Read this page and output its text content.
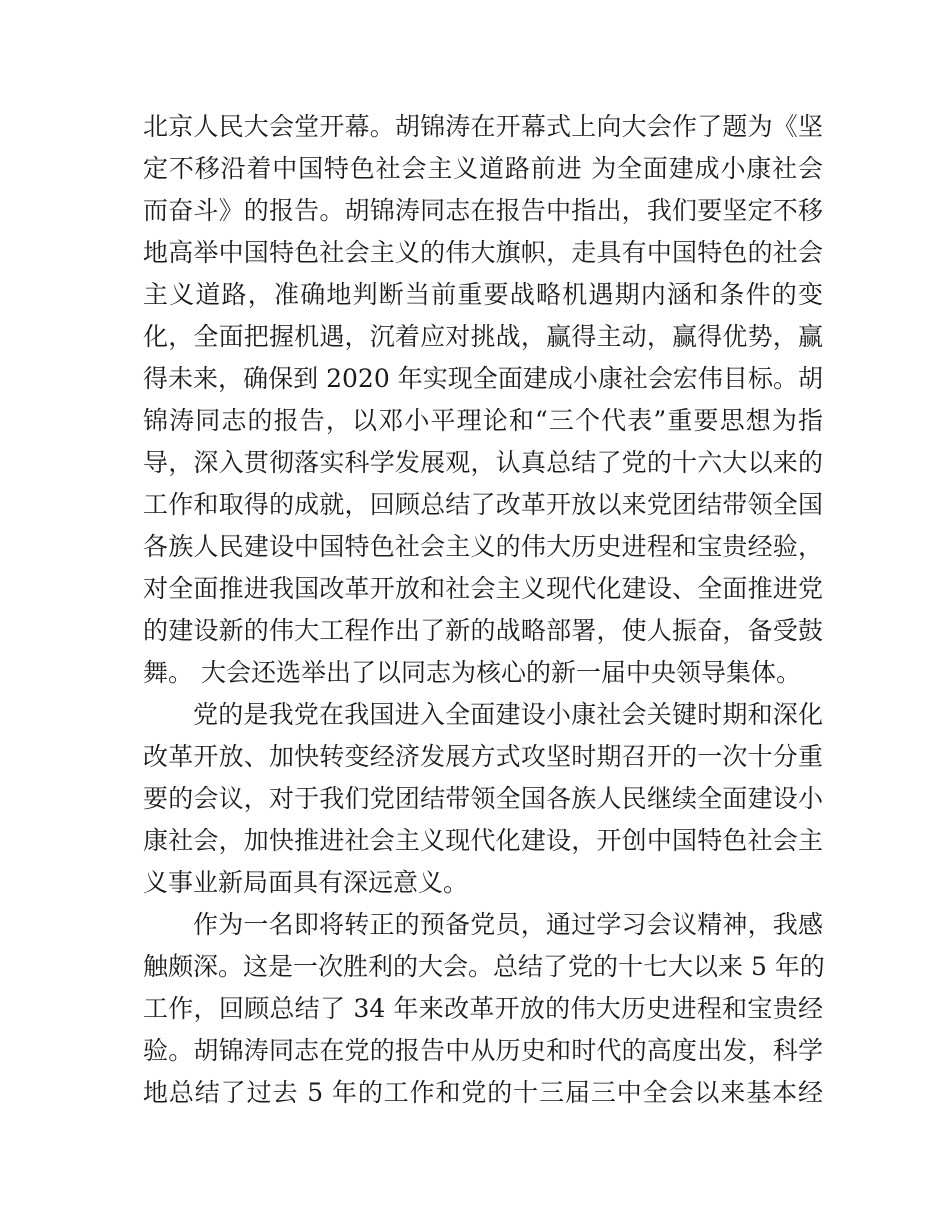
北京人民大会堂开幕。胡锦涛在开幕式上向大会作了题为《坚
定不移沿着中国特色社会主义道路前进 为全面建成小康社会
而奋斗》的报告。胡锦涛同志在报告中指出，我们要坚定不移
地高举中国特色社会主义的伟大旗帜，走具有中国特色的社会
主义道路，准确地判断当前重要战略机遇期内涵和条件的变
化，全面把握机遇，沉着应对挑战，赢得主动，赢得优势，赢
得未来，确保到 2020 年实现全面建成小康社会宏伟目标。胡
锦涛同志的报告，以邓小平理论和“三个代表”重要思想为指
导，深入贯彻落实科学发展观，认真总结了党的十六大以来的
工作和取得的成就，回顾总结了改革开放以来党团结带领全国
各族人民建设中国特色社会主义的伟大历史进程和宝贵经验，
对全面推进我国改革开放和社会主义现代化建设、全面推进党
的建设新的伟大工程作出了新的战略部署，使人振奋，备受鼓
舞。 大会还选举出了以同志为核心的新一届中央领导集体。
党的是我党在我国进入全面建设小康社会关键时期和深化
改革开放、加快转变经济发展方式攻坚时期召开的一次十分重
要的会议，对于我们党团结带领全国各族人民继续全面建设小
康社会，加快推进社会主义现代化建设，开创中国特色社会主
义事业新局面具有深远意义。
作为一名即将转正的预备党员，通过学习会议精神，我感
触颇深。这是一次胜利的大会。总结了党的十七大以来 5 年的
工作，回顾总结了 34 年来改革开放的伟大历史进程和宝贵经
验。胡锦涛同志在党的报告中从历史和时代的高度出发，科学
地总结了过去 5 年的工作和党的十三届三中全会以来基本经
